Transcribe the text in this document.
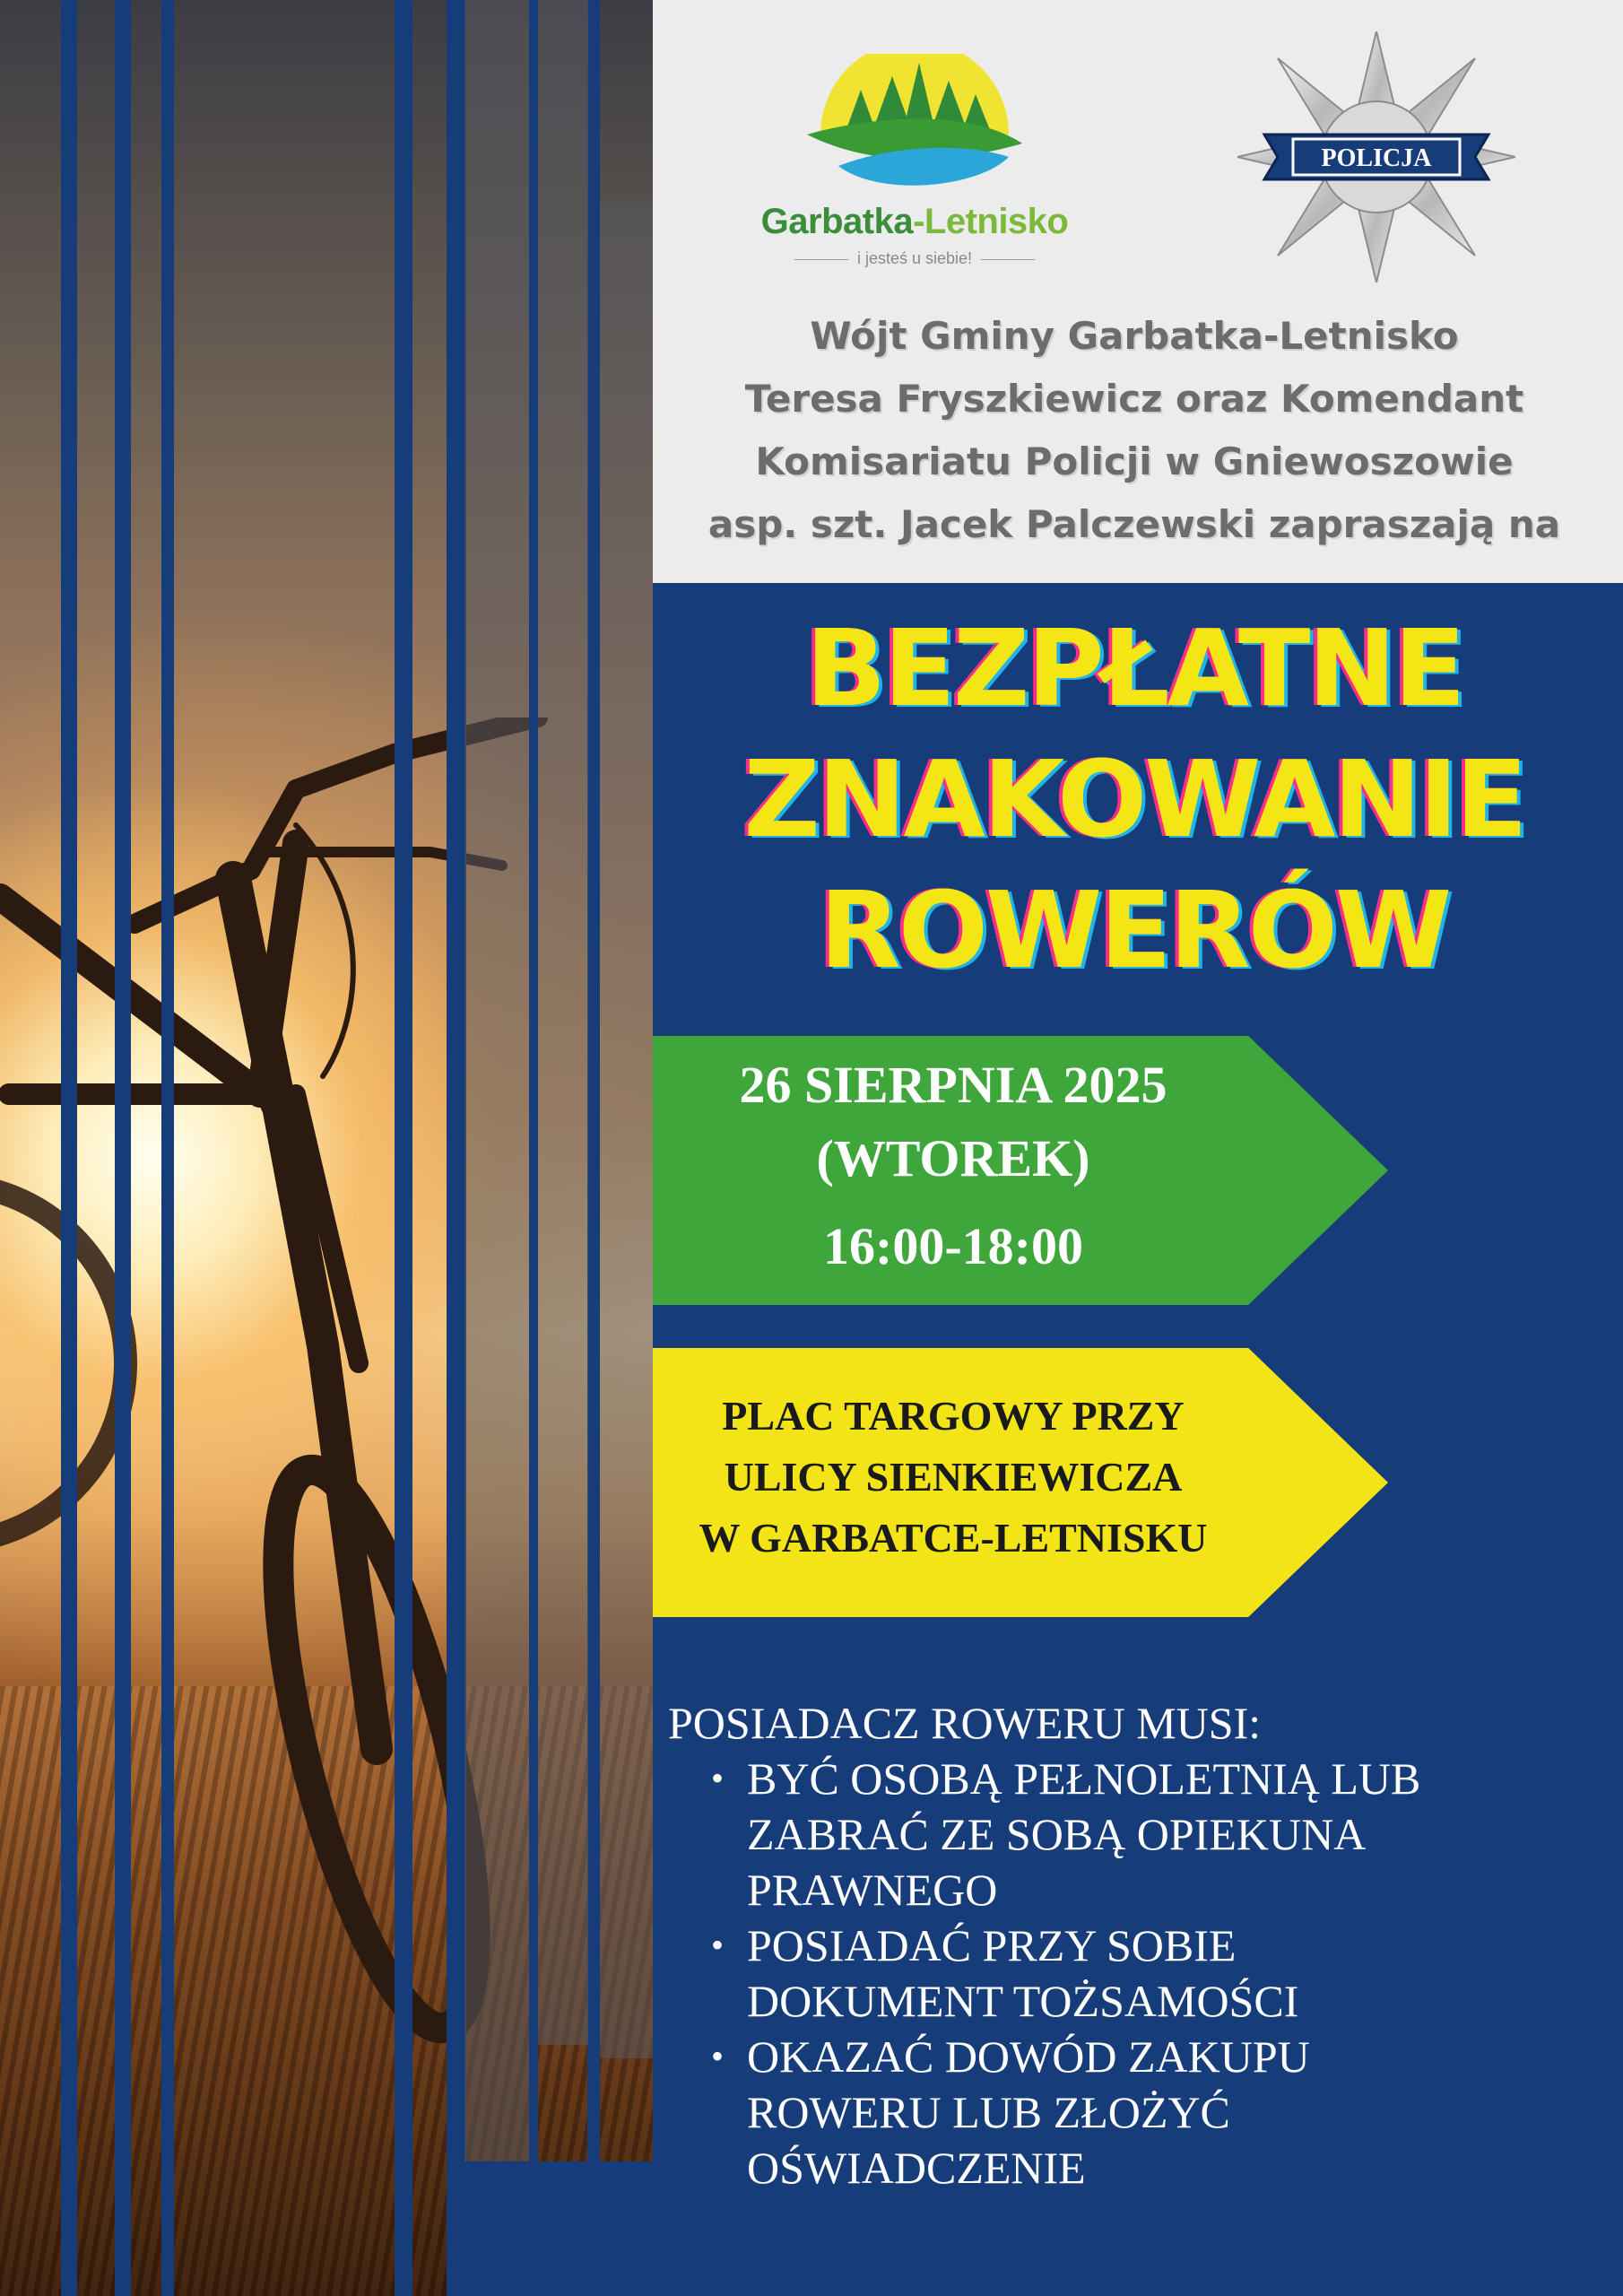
Garbatka-Letnisko
i jesteś u siebie!
POLICJA
Wójt Gminy Garbatka-Letnisko
Teresa Fryszkiewicz oraz Komendant
Komisariatu Policji w Gniewoszowie
asp. szt. Jacek Palczewski zapraszają na
BEZPŁATNE
ZNAKOWANIE
ROWERÓW
26 SIERPNIA 2025
(WTOREK)
16:00-18:00
PLAC TARGOWY PRZY
ULICY SIENKIEWICZA
W GARBATCE-LETNISKU
POSIADACZ ROWERU MUSI:
• BYĆ OSOBĄ PEŁNOLETNIĄ LUB
ZABRAĆ ZE SOBĄ OPIEKUNA
PRAWNEGO
• POSIADAĆ PRZY SOBIE
DOKUMENT TOŻSAMOŚCI
• OKAZAĆ DOWÓD ZAKUPU
ROWERU LUB ZŁOŻYĆ
OŚWIADCZENIE
